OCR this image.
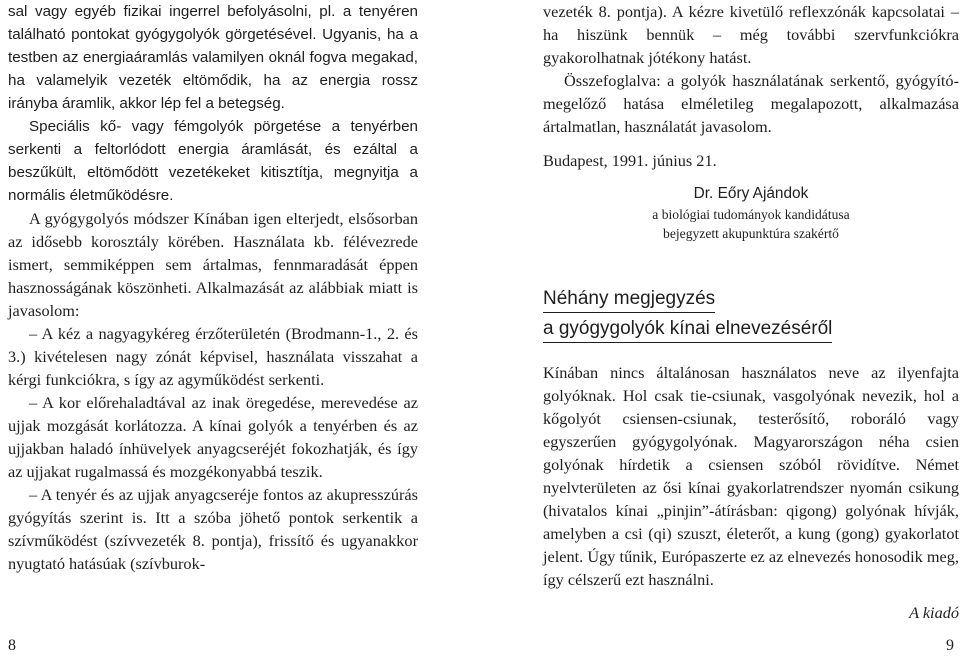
sal vagy egyéb fizikai ingerrel befolyásolni, pl. a tenyéren található pontokat gyógygolyók görgetésével. Ugyanis, ha a testben az energiaáramlás valamilyen oknál fogva megakad, ha valamelyik vezeték eltömődik, ha az energia rossz irányba áramlik, akkor lép fel a betegség.

Speciális kő- vagy fémgolyók pörgetése a tenyérben serkenti a feltorlódott energia áramlását, és ezáltal a beszűkült, eltömődött vezetékeket kitisztítja, megnyitja a normális életműködésre.

A gyógygolyós módszer Kínában igen elterjedt, elsősorban az idősebb korosztály körében. Használata kb. félévezrede ismert, semmiképpen sem ártalmas, fennmaradását éppen hasznosságának köszönheti. Alkalmazását az alábbiak miatt is javasolom:

– A kéz a nagyagykéreg érzőterületén (Brodmann-1., 2. és 3.) kivételesen nagy zónát képvisel, használata visszahat a kérgi funkciókra, s így az agyműködést serkenti.

– A kor előrehaladtával az inak öregedése, merevedése az ujjak mozgását korlátozza. A kínai golyók a tenyérben és az ujjakban haladó ínhüvelyek anyagcseréjét fokozhatják, és így az ujjakat rugalmassá és mozgékonyabbá teszik.

– A tenyér és az ujjak anyagcseréje fontos az akupresszúrás gyógyítás szerint is. Itt a szóba jöhető pontok serkentik a szívműködést (szívvezeték 8. pontja), frissítő és ugyanakkor nyugtató hatásúak (szívburok-

vezeték 8. pontja). A kézre kivetülő reflexzónák kapcsolatai – ha hiszünk bennük – még további szervfunkciókra gyakorolhatnak jótékony hatást.

Összefoglalva: a golyók használatának serkentő, gyógyító-megelőző hatása elméletileg megalapozott, alkalmazása ártalmatlan, használatát javasolom.

Budapest, 1991. június 21.

Dr. Eőry Ajándok

a biológiai tudományok kandidátusa

bejegyzett akupunktúra szakértő

Néhány megjegyzés
a gyógygolyók kínai elnevezéséről

Kínában nincs általánosan használatos neve az ilyenfajta golyóknak. Hol csak tie-csiunak, vasgolyónak nevezik, hol a kőgolyót csiensen-csiunak, testerősítő, roboráló vagy egyszerűen gyógygolyónak. Magyarországon néha csien golyónak hírdetik a csiensen szóból rövidítve. Német nyelvterületen az ősi kínai gyakorlatrendszer nyomán csikung (hivatalos kínai „pinjin”-átírásban: qigong) golyónak hívják, amelyben a csi (qi) szuszt, életerőt, a kung (gong) gyakorlatot jelent. Úgy tűnik, Európaszerte ez az elnevezés honosodik meg, így célszerű ezt használni.

A kiadó

8	9
